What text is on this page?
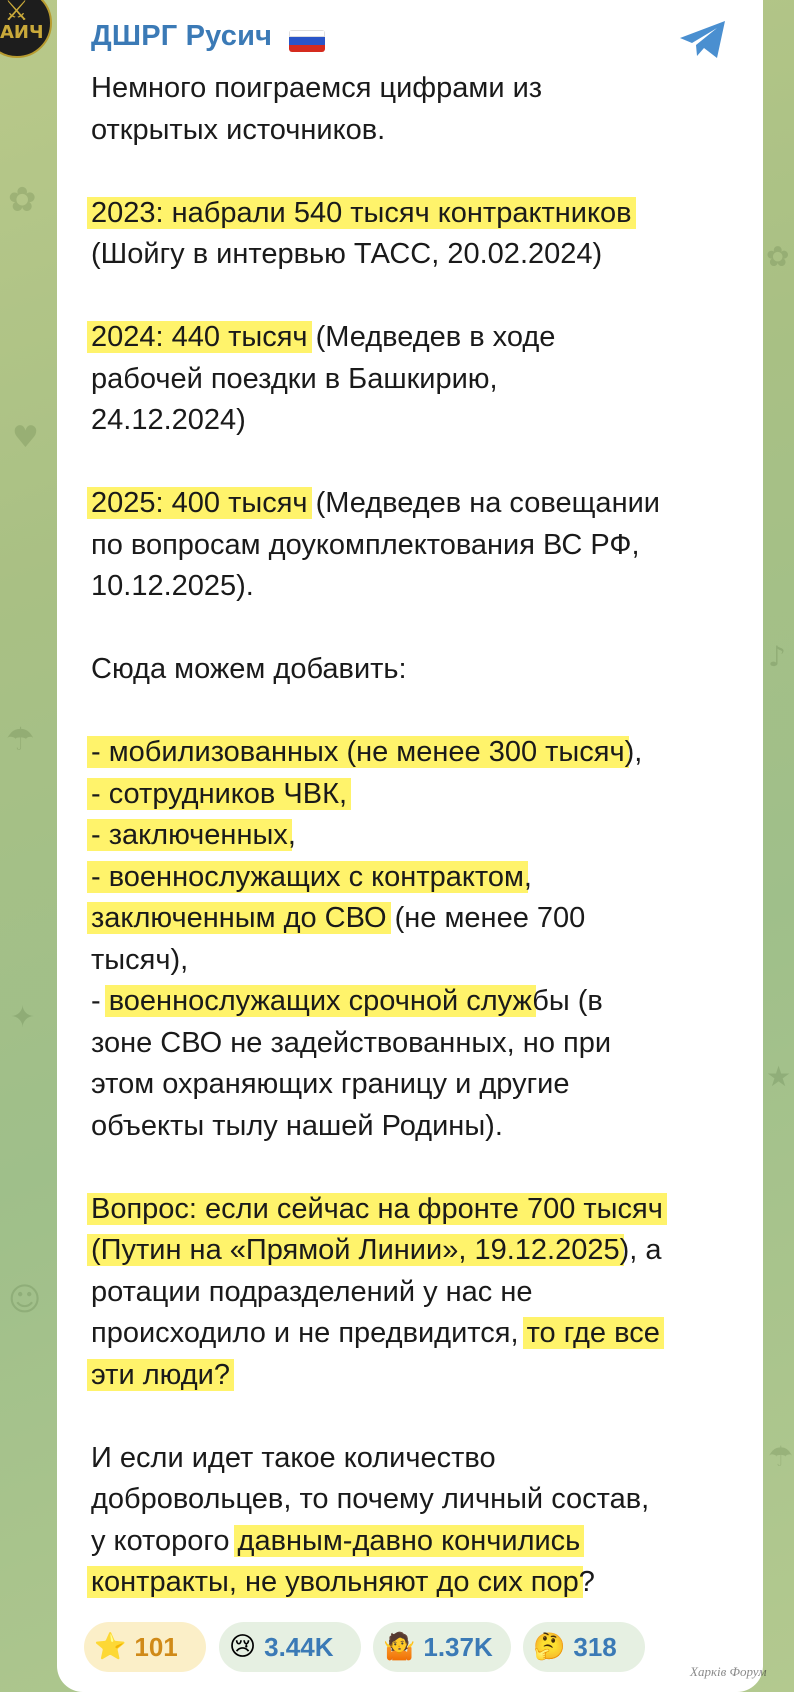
✿
♥
☂
✦
☺
✿
♪
★
☂
⚔
АИЧ ДШРГ Русич
Немного поиграемся цифрами из
открытых источников.
2023: набрали 540 тысяч контрактников
(Шойгу в интервью ТАСС, 20.02.2024)
2024: 440 тысяч (Медведев в ходе
рабочей поездки в Башкирию,
24.12.2024)
2025: 400 тысяч (Медведев на совещании
по вопросам доукомплектования ВС РФ,
10.12.2025).
Сюда можем добавить:
- мобилизованных (не менее 300 тысяч),
- сотрудников ЧВК,
- заключенных,
- военнослужащих с контрактом,
заключенным до СВО (не менее 700
тысяч),
- военнослужащих срочной службы (в
зоне СВО не задействованных, но при
этом охраняющих границу и другие
объекты тылу нашей Родины).
Вопрос: если сейчас на фронте 700 тысяч
(Путин на «Прямой Линии», 19.12.2025), а
ротации подразделений у нас не
происходило и не предвидится, то где все
эти люди?
И если идет такое количество
добровольцев, то почему личный состав,
у которого давным-давно кончились
контракты, не увольняют до сих пор?
⭐ 101 😢 3.44K 🤷 1.37K 🤔 318
Харків Форум
